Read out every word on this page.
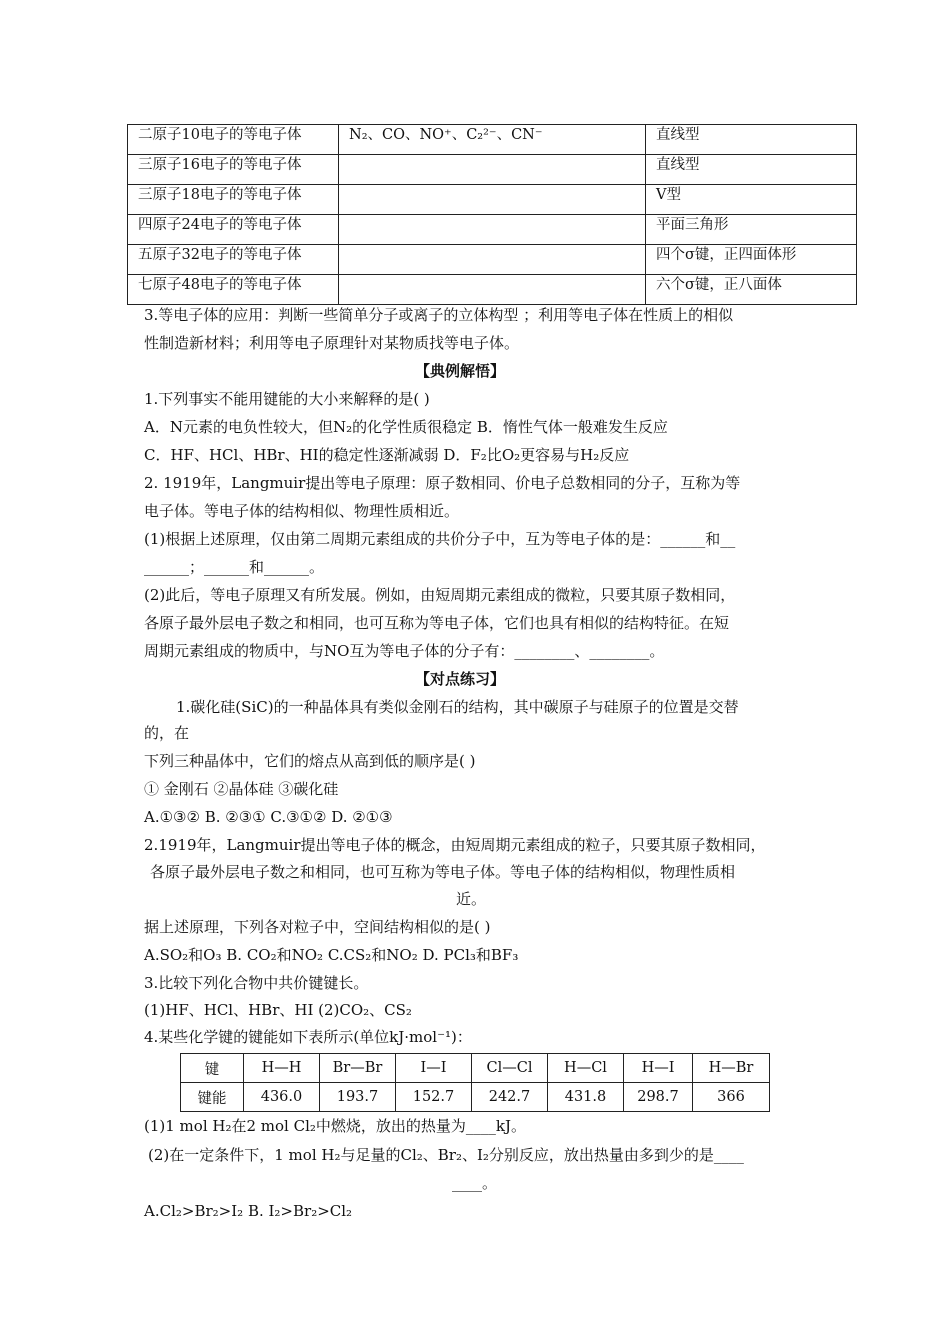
二原子10电子的等电子体	N₂、CO、NO⁺、C₂²⁻、CN⁻	直线型
三原子16电子的等电子体		直线型
三原子18电子的等电子体		V型
四原子24电子的等电子体		平面三角形
五原子32电子的等电子体		四个σ键，正四面体形
七原子48电子的等电子体		六个σ键，正八面体
3.等电子体的应用：判断一些简单分子或离子的立体构型 ；利用等电子体在性质上的相似
性制造新材料；利用等电子原理针对某物质找等电子体。
【典例解悟】
1.下列事实不能用键能的大小来解释的是( )
A．N元素的电负性较大，但N₂的化学性质很稳定 B．惰性气体一般难发生反应
C．HF、HCl、HBr、HI的稳定性逐渐减弱 D．F₂比O₂更容易与H₂反应
2. 1919年，Langmuir提出等电子原理：原子数相同、价电子总数相同的分子，互称为等
电子体。等电子体的结构相似、物理性质相近。
(1)根据上述原理，仅由第二周期元素组成的共价分子中，互为等电子体的是：______和__
______；______和______。
(2)此后，等电子原理又有所发展。例如，由短周期元素组成的微粒，只要其原子数相同，
各原子最外层电子数之和相同，也可互称为等电子体，它们也具有相似的结构特征。在短
周期元素组成的物质中，与NO互为等电子体的分子有：________、________。
【对点练习】
1.碳化硅(SiC)的一种晶体具有类似金刚石的结构，其中碳原子与硅原子的位置是交替
的，在
下列三种晶体中，它们的熔点从高到低的顺序是( )
① 金刚石 ②晶体硅 ③碳化硅
A.①③② B. ②③① C.③①② D. ②①③
2.1919年，Langmuir提出等电子体的概念，由短周期元素组成的粒子，只要其原子数相同，
各原子最外层电子数之和相同，也可互称为等电子体。等电子体的结构相似，物理性质相
近。
据上述原理，下列各对粒子中，空间结构相似的是( )
A.SO₂和O₃ B. CO₂和NO₂ C.CS₂和NO₂ D. PCl₃和BF₃
3.比较下列化合物中共价键键长。
(1)HF、HCl、HBr、HI (2)CO₂、CS₂
4.某些化学键的键能如下表所示(单位kJ·mol⁻¹)：
键	H—H	Br—Br	I—I	Cl—Cl	H—Cl	H—I	H—Br
键能	436.0	193.7	152.7	242.7	431.8	298.7	366
(1)1 mol H₂在2 mol Cl₂中燃烧，放出的热量为____kJ。
(2)在一定条件下，1 mol H₂与足量的Cl₂、Br₂、I₂分别反应，放出热量由多到少的是____
____。
A.Cl₂>Br₂>I₂ B. I₂>Br₂>Cl₂
